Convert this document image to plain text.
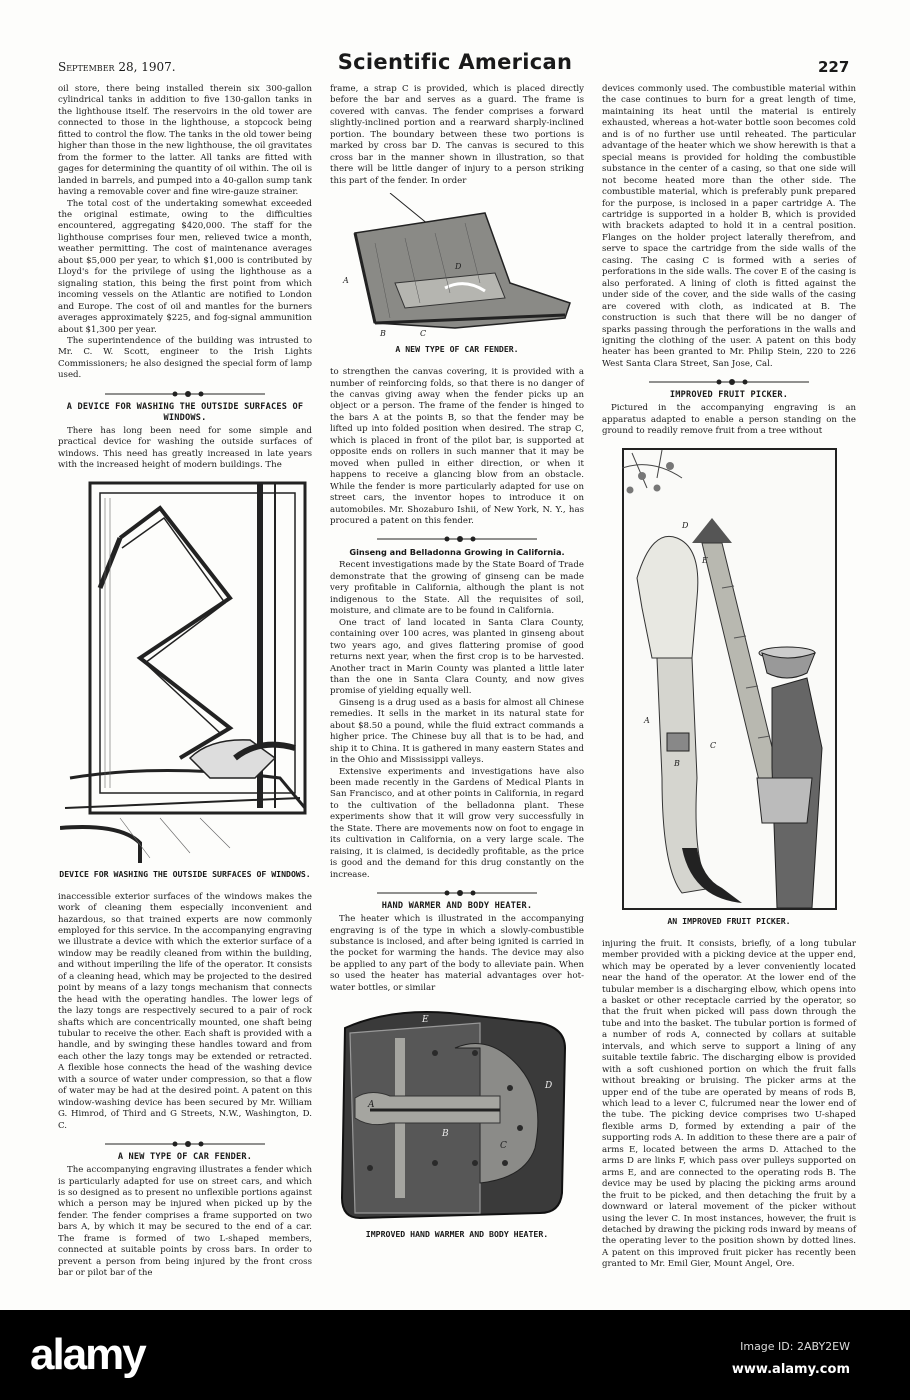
September 28, 1907.	Scientific American	227

oil store, there being installed therein six 300-gallon cylindrical tanks in addition to five 130-gallon tanks in the lighthouse itself. The reservoirs in the old tower are connected to those in the lighthouse, a stopcock being fitted to control the flow. The tanks in the old tower being higher than those in the new lighthouse, the oil gravitates from the former to the latter. All tanks are fitted with gages for determining the quantity of oil within. The oil is landed in barrels, and pumped into a 40-gallon sump tank having a removable cover and fine wire-gauze strainer.

The total cost of the undertaking somewhat exceeded the original estimate, owing to the difficulties encountered, aggregating $420,000. The staff for the lighthouse comprises four men, relieved twice a month, weather permitting. The cost of maintenance averages about $5,000 per year, to which $1,000 is contributed by Lloyd's for the privilege of using the lighthouse as a signaling station, this being the first point from which incoming vessels on the Atlantic are notified to London and Europe. The cost of oil and mantles for the burners averages approximately $225, and fog-signal ammunition about $1,300 per year.

The superintendence of the building was intrusted to Mr. C. W. Scott, engineer to the Irish Lights Commissioners; he also designed the special form of lamp used.

A DEVICE FOR WASHING THE OUTSIDE SURFACES OF WINDOWS.

There has long been need for some simple and practical device for washing the outside surfaces of windows. This need has greatly increased in late years with the increased height of modern buildings. The

DEVICE FOR WASHING THE OUTSIDE SURFACES OF WINDOWS.

inaccessible exterior surfaces of the windows makes the work of cleaning them especially inconvenient and hazardous, so that trained experts are now commonly employed for this service. In the accompanying engraving we illustrate a device with which the exterior surface of a window may be readily cleaned from within the building, and without imperiling the life of the operator. It consists of a cleaning head, which may be projected to the desired point by means of a lazy tongs mechanism that connects the head with the operating handles. The lower legs of the lazy tongs are respectively secured to a pair of rock shafts which are concentrically mounted, one shaft being tubular to receive the other. Each shaft is provided with a handle, and by swinging these handles toward and from each other the lazy tongs may be extended or retracted. A flexible hose connects the head of the washing device with a source of water under compression, so that a flow of water may be had at the desired point. A patent on this window-washing device has been secured by Mr. William G. Himrod, of Third and G Streets, N.W., Washington, D. C.

A NEW TYPE OF CAR FENDER.

The accompanying engraving illustrates a fender which is particularly adapted for use on street cars, and which is so designed as to present no unflexible portions against which a person may be injured when picked up by the fender. The fender comprises a frame supported on two bars A, by which it may be secured to the end of a car. The frame is formed of two L-shaped members, connected at suitable points by cross bars. In order to prevent a person from being injured by the front cross bar or pilot bar of the

frame, a strap C is provided, which is placed directly before the bar and serves as a guard. The frame is covered with canvas. The fender comprises a forward slightly-inclined portion and a rearward sharply-inclined portion. The boundary between these two portions is marked by cross bar D. The canvas is secured to this cross bar in the manner shown in illustration, so that there will be little danger of injury to a person striking this part of the fender. In order

A
B	C
D
A NEW TYPE OF CAR FENDER.

to strengthen the canvas covering, it is provided with a number of reinforcing folds, so that there is no danger of the canvas giving away when the fender picks up an object or a person. The frame of the fender is hinged to the bars A at the points B, so that the fender may be lifted up into folded position when desired. The strap C, which is placed in front of the pilot bar, is supported at opposite ends on rollers in such manner that it may be moved when pulled in either direction, or when it happens to receive a glancing blow from an obstacle. While the fender is more particularly adapted for use on street cars, the inventor hopes to introduce it on automobiles. Mr. Shozaburo Ishii, of New York, N. Y., has procured a patent on this fender.

Ginseng and Belladonna Growing in California.

Recent investigations made by the State Board of Trade demonstrate that the growing of ginseng can be made very profitable in California, although the plant is not indigenous to the State. All the requisites of soil, moisture, and climate are to be found in California.

One tract of land located in Santa Clara County, containing over 100 acres, was planted in ginseng about two years ago, and gives flattering promise of good returns next year, when the first crop is to be harvested. Another tract in Marin County was planted a little later than the one in Santa Clara County, and now gives promise of yielding equally well.

Ginseng is a drug used as a basis for almost all Chinese remedies. It sells in the market in its natural state for about $8.50 a pound, while the fluid extract commands a higher price. The Chinese buy all that is to be had, and ship it to China. It is gathered in many eastern States and in the Ohio and Mississippi valleys.

Extensive experiments and investigations have also been made recently in the Gardens of Medical Plants in San Francisco, and at other points in California, in regard to the cultivation of the belladonna plant. These experiments show that it will grow very successfully in the State. There are movements now on foot to engage in its cultivation in California, on a very large scale. The raising, it is claimed, is decidedly profitable, as the price is good and the demand for this drug constantly on the increase.

HAND WARMER AND BODY HEATER.

The heater which is illustrated in the accompanying engraving is of the type in which a slowly-combustible substance is inclosed, and after being ignited is carried in the pocket for warming the hands. The device may also be applied to any part of the body to alleviate pain. When so used the heater has material advantages over hot-water bottles, or similar

E
A
B
C
D
IMPROVED HAND WARMER AND BODY HEATER.

devices commonly used. The combustible material within the case continues to burn for a great length of time, maintaining its heat until the material is entirely exhausted, whereas a hot-water bottle soon becomes cold and is of no further use until reheated. The particular advantage of the heater which we show herewith is that a special means is provided for holding the combustible substance in the center of a casing, so that one side will not become heated more than the other side. The combustible material, which is preferably punk prepared for the purpose, is inclosed in a paper cartridge A. The cartridge is supported in a holder B, which is provided with brackets adapted to hold it in a central position. Flanges on the holder project laterally therefrom, and serve to space the cartridge from the side walls of the casing. The casing C is formed with a series of perforations in the side walls. The cover E of the casing is also perforated. A lining of cloth is fitted against the under side of the cover, and the side walls of the casing are covered with cloth, as indicated at B. The construction is such that there will be no danger of sparks passing through the perforations in the walls and igniting the clothing of the user. A patent on this body heater has been granted to Mr. Philip Stein, 220 to 226 West Santa Clara Street, San Jose, Cal.

IMPROVED FRUIT PICKER.

Pictured in the accompanying engraving is an apparatus adapted to enable a person standing on the ground to readily remove fruit from a tree without

E
D
A
B
C
AN IMPROVED FRUIT PICKER.

injuring the fruit. It consists, briefly, of a long tubular member provided with a picking device at the upper end, which may be operated by a lever conveniently located near the hand of the operator. At the lower end of the tubular member is a discharging elbow, which opens into a basket or other receptacle carried by the operator, so that the fruit when picked will pass down through the tube and into the basket. The tubular portion is formed of a number of rods A, connected by collars at suitable intervals, and which serve to support a lining of any suitable textile fabric. The discharging elbow is provided with a soft cushioned portion on which the fruit falls without breaking or bruising. The picker arms at the upper end of the tube are operated by means of rods B, which lead to a lever C, fulcrumed near the lower end of the tube. The picking device comprises two U-shaped flexible arms D, formed by extending a pair of the supporting rods A. In addition to these there are a pair of arms E, located between the arms D. Attached to the arms D are links F, which pass over pulleys supported on arms E, and are connected to the operating rods B. The device may be used by placing the picking arms around the fruit to be picked, and then detaching the fruit by a downward or lateral movement of the picker without using the lever C. In most instances, however, the fruit is detached by drawing the picking rods inward by means of the operating lever to the position shown by dotted lines. A patent on this improved fruit picker has recently been granted to Mr. Emil Gier, Mount Angel, Ore.

alamy	Image ID: 2ABY2EW
www.alamy.com
